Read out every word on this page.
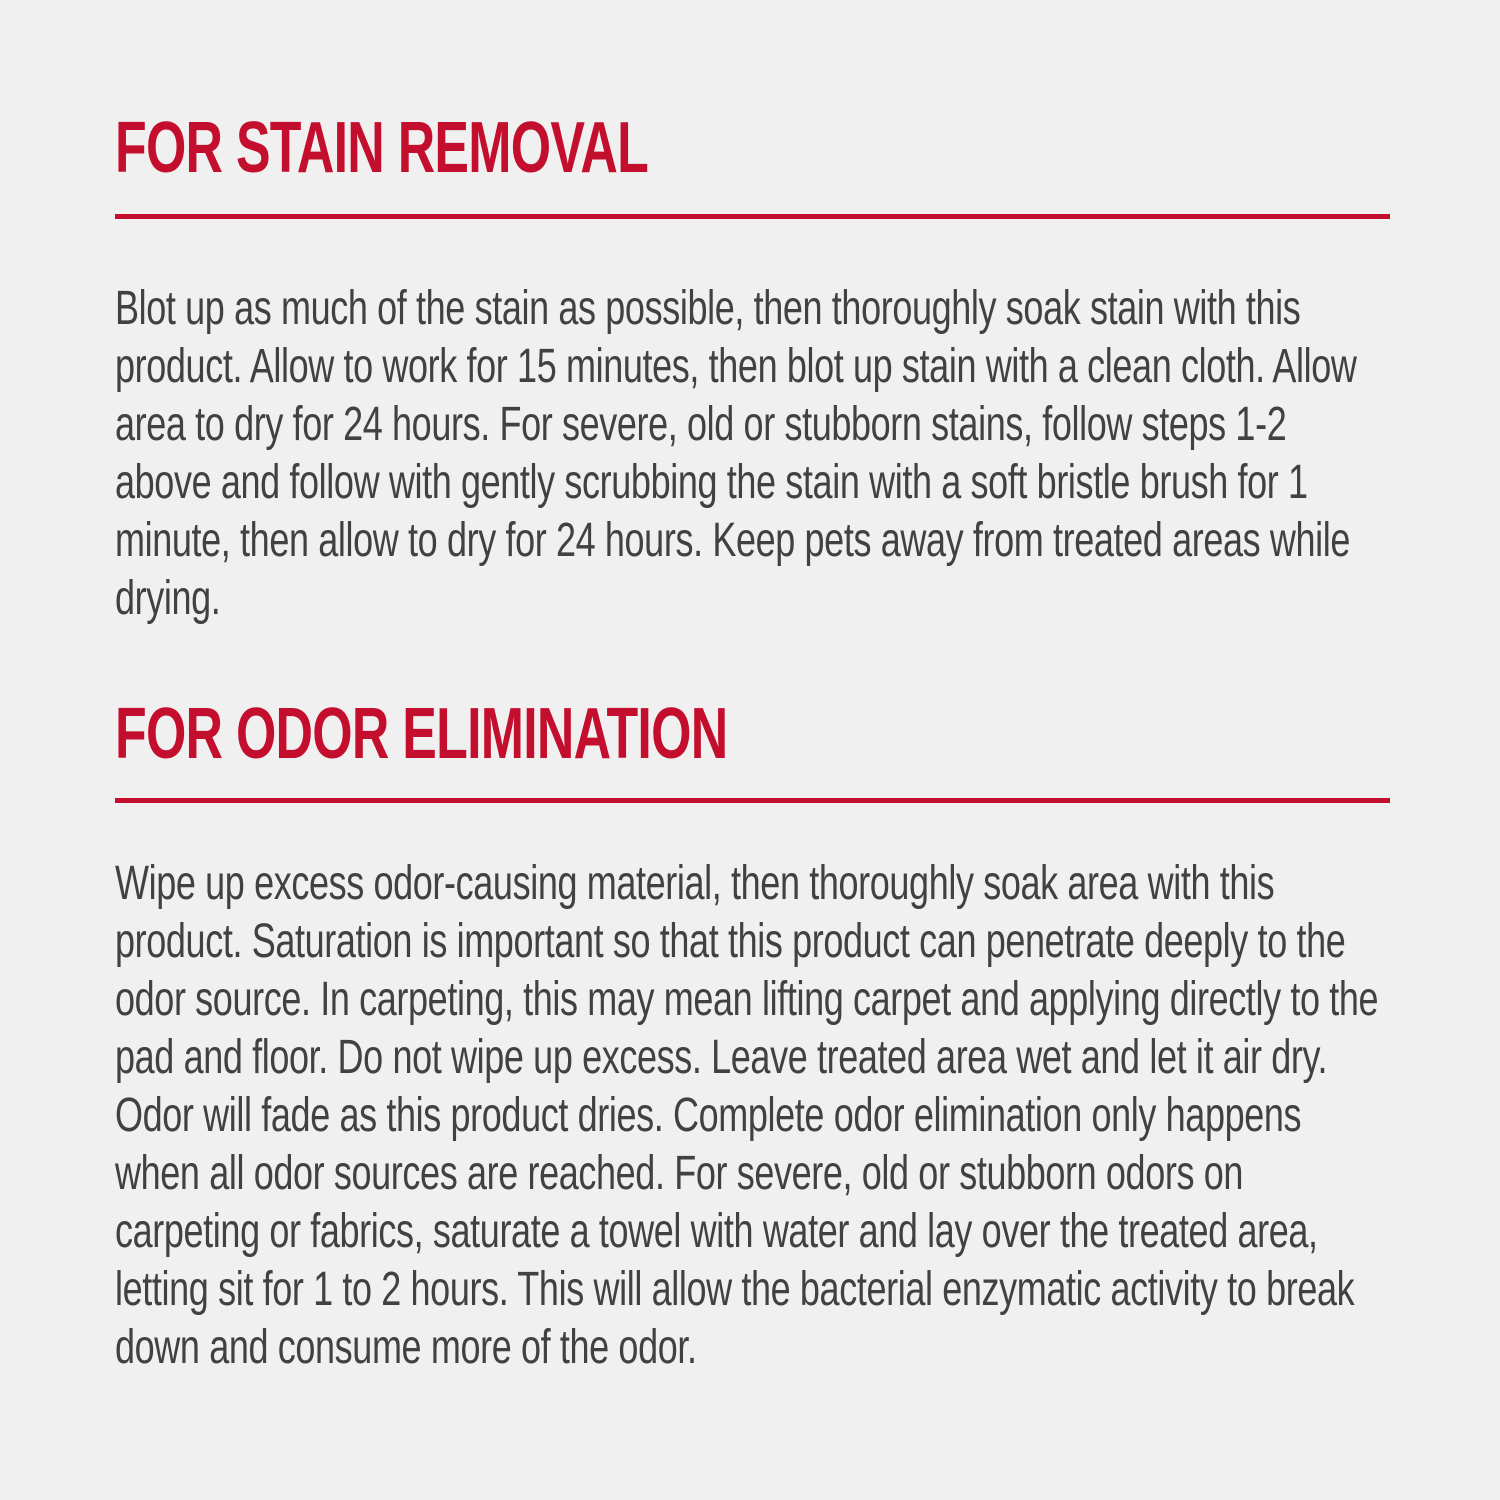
FOR STAIN REMOVAL

Blot up as much of the stain as possible, then thoroughly soak stain with this product. Allow to work for 15 minutes, then blot up stain with a clean cloth. Allow area to dry for 24 hours. For severe, old or stubborn stains, follow steps 1-2 above and follow with gently scrubbing the stain with a soft bristle brush for 1 minute, then allow to dry for 24 hours. Keep pets away from treated areas while drying.

FOR ODOR ELIMINATION

Wipe up excess odor-causing material, then thoroughly soak area with this product. Saturation is important so that this product can penetrate deeply to the odor source. In carpeting, this may mean lifting carpet and applying directly to the pad and floor. Do not wipe up excess. Leave treated area wet and let it air dry. Odor will fade as this product dries. Complete odor elimination only happens when all odor sources are reached. For severe, old or stubborn odors on carpeting or fabrics, saturate a towel with water and lay over the treated area, letting sit for 1 to 2 hours. This will allow the bacterial enzymatic activity to break down and consume more of the odor.
